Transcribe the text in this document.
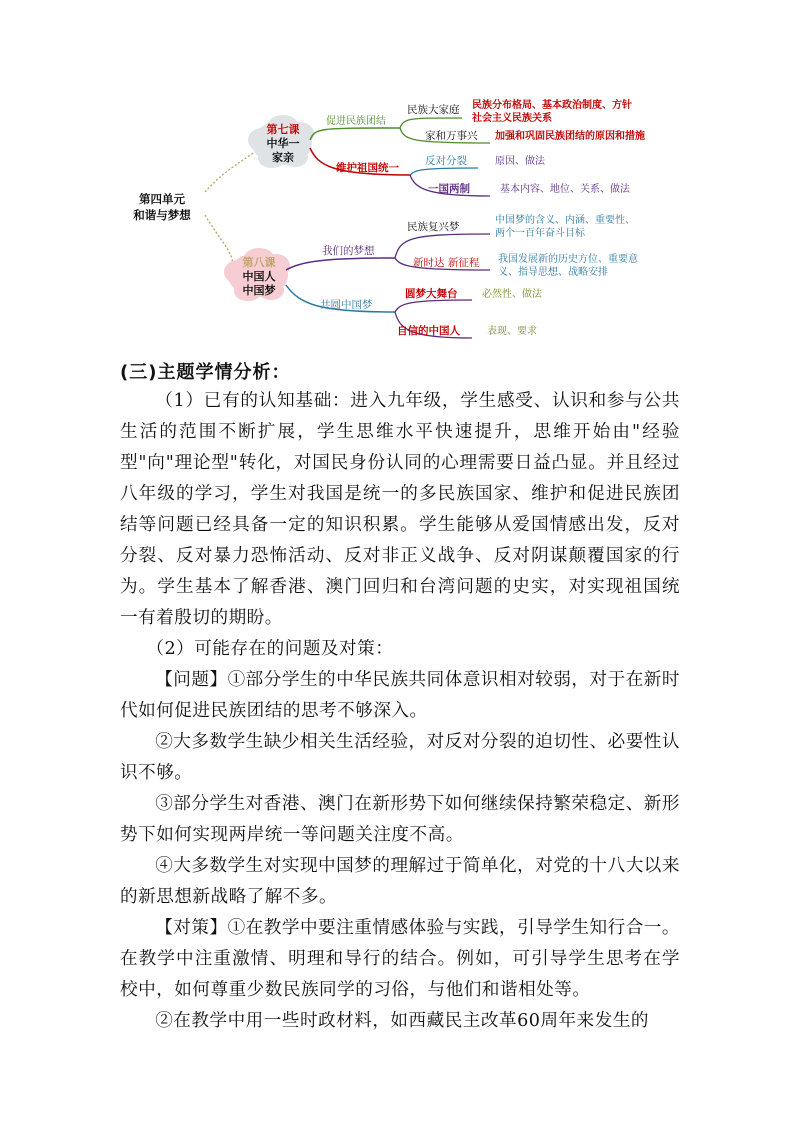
第四单元
和谐与梦想
第七课
中华一
家亲
第八课
中国人
中国梦
促进民族团结
维护祖国统一
民族大家庭
家和万事兴
反对分裂
一国两制
民族分布格局、基本政治制度、方针
社会主义民族关系
加强和巩固民族团结的原因和措施
原因、做法
基本内容、地位、关系、做法
我们的梦想
共圆中国梦
民族复兴梦
新时达 新征程
圆梦大舞台
自信的中国人
中国梦的含义、内涵、重要性、
两个一百年奋斗目标
我国发展新的历史方位、重要意
义、指导思想、战略安排
必然性、做法
表现、要求
(三)主题学情分析：

（1）已有的认知基础：进入九年级，学生感受、认识和参与公共生活的范围不断扩展，学生思维水平快速提升，思维开始由"经验型"向"理论型"转化，对国民身份认同的心理需要日益凸显。并且经过八年级的学习，学生对我国是统一的多民族国家、维护和促进民族团结等问题已经具备一定的知识积累。学生能够从爱国情感出发，反对分裂、反对暴力恐怖活动、反对非正义战争、反对阴谋颠覆国家的行为。学生基本了解香港、澳门回归和台湾问题的史实，对实现祖国统一有着殷切的期盼。

（2）可能存在的问题及对策：

【问题】①部分学生的中华民族共同体意识相对较弱，对于在新时代如何促进民族团结的思考不够深入。

②大多数学生缺少相关生活经验，对反对分裂的迫切性、必要性认识不够。

③部分学生对香港、澳门在新形势下如何继续保持繁荣稳定、新形势下如何实现两岸统一等问题关注度不高。

④大多数学生对实现中国梦的理解过于简单化，对党的十八大以来的新思想新战略了解不多。

【对策】①在教学中要注重情感体验与实践，引导学生知行合一。在教学中注重激情、明理和导行的结合。例如，可引导学生思考在学校中，如何尊重少数民族同学的习俗，与他们和谐相处等。

②在教学中用一些时政材料，如西藏民主改革60周年来发生的
